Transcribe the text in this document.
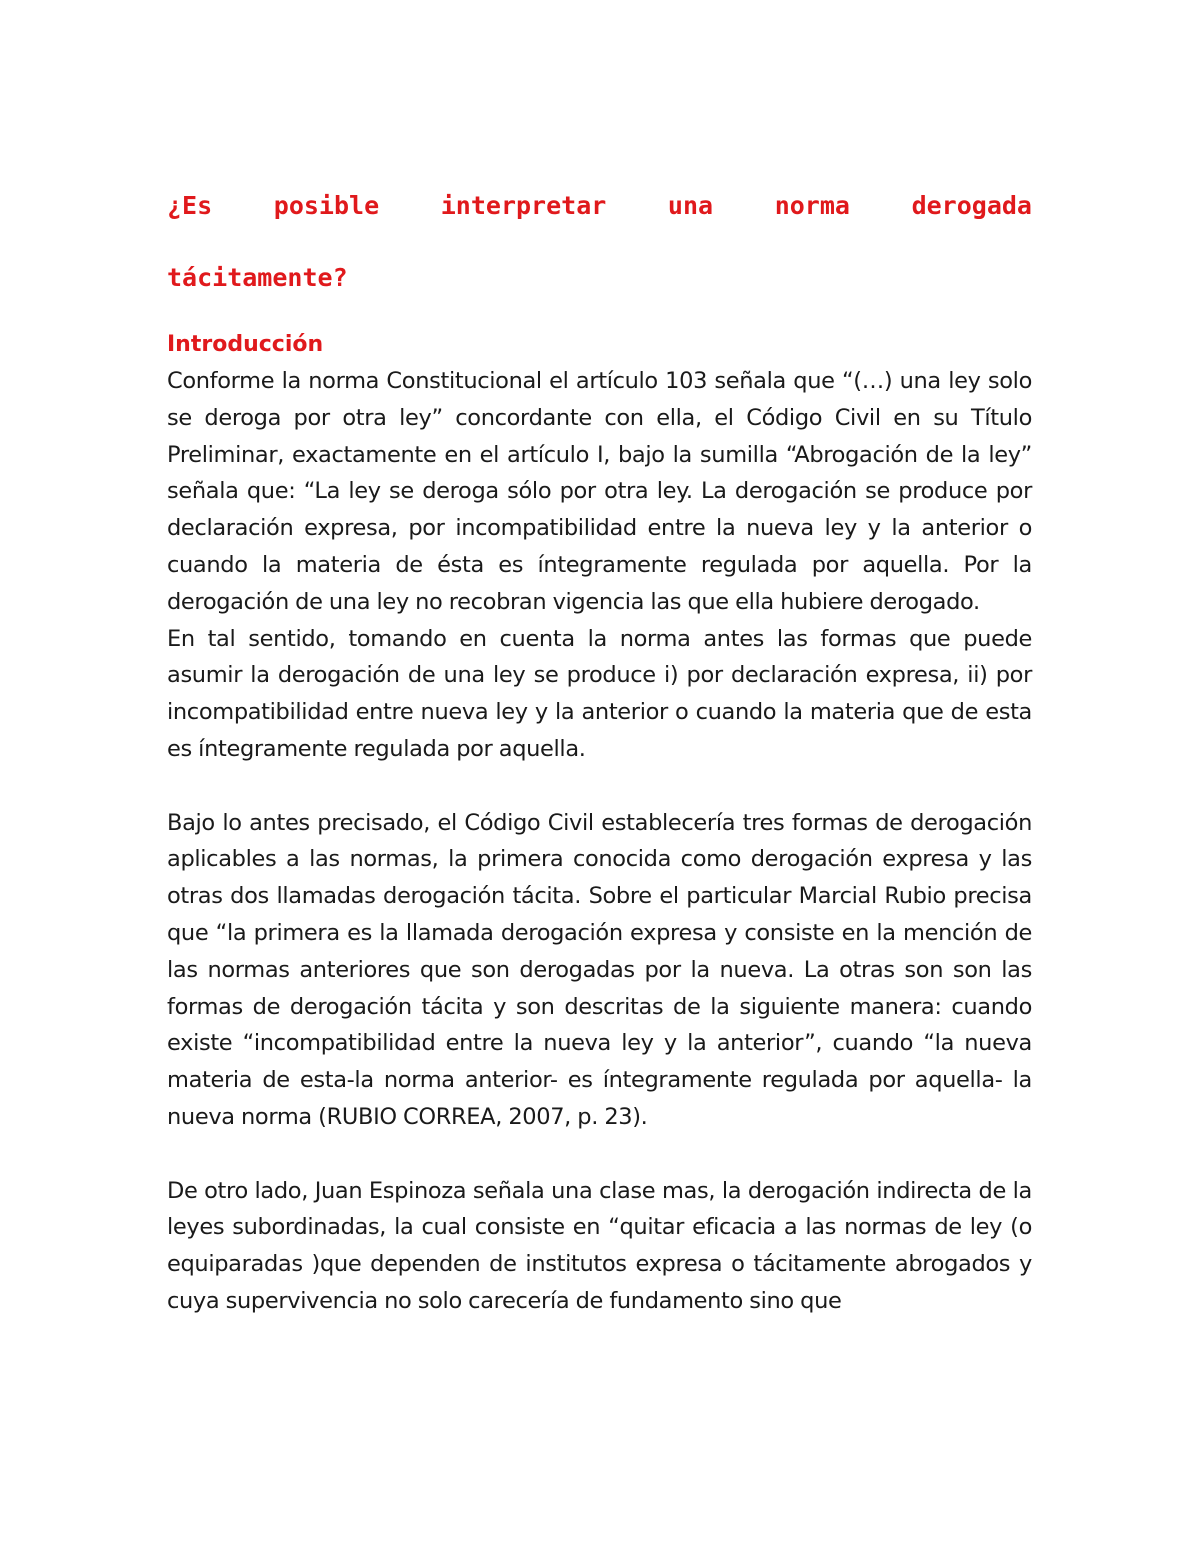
¿Es posible interpretar una norma derogada
tácitamente?
Introducción

Conforme la norma Constitucional el artículo 103 señala que “(…) una ley solo se deroga por otra ley” concordante con ella, el Código Civil en su Título Preliminar, exactamente en el artículo I, bajo la sumilla “Abrogación de la ley” señala que: “La ley se deroga sólo por otra ley. La derogación se produce por declaración expresa, por incompatibilidad entre la nueva ley y la anterior o cuando la materia de ésta es íntegramente regulada por aquella. Por la derogación de una ley no recobran vigencia las que ella hubiere derogado.

En tal sentido, tomando en cuenta la norma antes las formas que puede asumir la derogación de una ley se produce i) por declaración expresa, ii) por incompatibilidad entre nueva ley y la anterior o cuando la materia que de esta es íntegramente regulada por aquella.

Bajo lo antes precisado, el Código Civil establecería tres formas de derogación aplicables a las normas, la primera conocida como derogación expresa y las otras dos llamadas derogación tácita. Sobre el particular Marcial Rubio precisa que “la primera es la llamada derogación expresa y consiste en la mención de las normas anteriores que son derogadas por la nueva. La otras son son las formas de derogación tácita y son descritas de la siguiente manera: cuando existe “incompatibilidad entre la nueva ley y la anterior”, cuando “la nueva materia de esta-la norma anterior- es íntegramente regulada por aquella- la nueva norma (RUBIO CORREA, 2007, p. 23).

De otro lado, Juan Espinoza señala una clase mas, la derogación indirecta de la leyes subordinadas, la cual consiste en “quitar eficacia a las normas de ley (o equiparadas )que dependen de institutos expresa o tácitamente abrogados y cuya supervivencia no solo carecería de fundamento sino que
